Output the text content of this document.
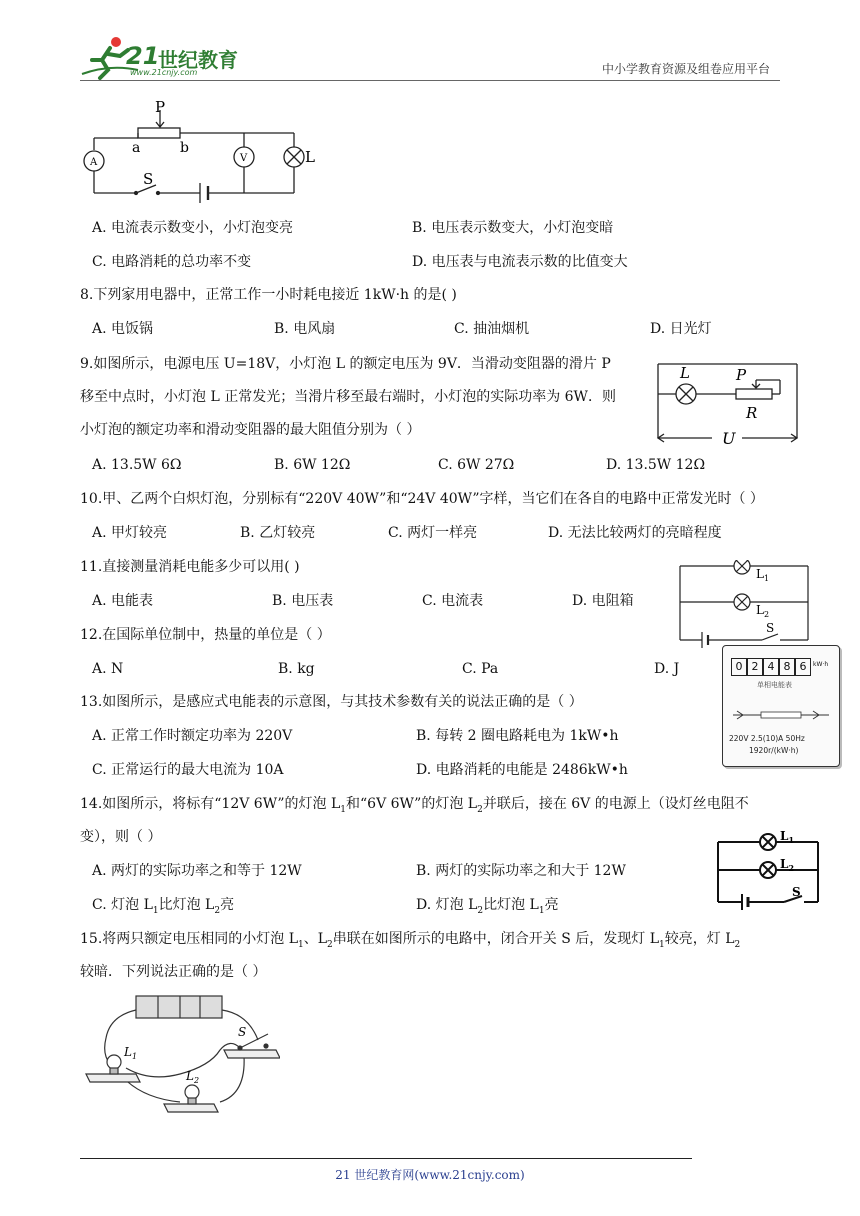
21
世纪教育
www.21cnjy.com	中小学教育资源及组卷应用平台
P
a	b
S
L
A	V
A. 电流表示数变小，小灯泡变亮	B. 电压表示数变大，小灯泡变暗
C. 电路消耗的总功率不变	D. 电压表与电流表示数的比值变大
8.下列家用电器中，正常工作一小时耗电接近 1kW·h 的是( )
A. 电饭锅	B. 电风扇	C. 抽油烟机	D. 日光灯
9.如图所示，电源电压 U=18V，小灯泡 L 的额定电压为 9V．当滑动变阻器的滑片 P
移至中点时，小灯泡 L 正常发光；当滑片移至最右端时，小灯泡的实际功率为 6W．则
小灯泡的额定功率和滑动变阻器的最大阻值分别为（ ）
L	P
R
U
A. 13.5W 6Ω	B. 6W 12Ω	C. 6W 27Ω	D. 13.5W 12Ω
10.甲、乙两个白炽灯泡，分别标有“220V 40W”和“24V 40W”字样，当它们在各自的电路中正常发光时（ ）
A. 甲灯较亮	B. 乙灯较亮	C. 两灯一样亮	D. 无法比较两灯的亮暗程度
11.直接测量消耗电能多少可以用( )
A. 电能表	B. 电压表	C. 电流表	D. 电阻箱
$L_1$
$L_2$
S
12.在国际单位制中，热量的单位是（ ）
A. N	B. kg	C. Pa	D. J	0 2 4 8 6	kW·h
单相电能表
220V 2.5(10)A 50Hz
1920r/(kW·h)
13.如图所示，是感应式电能表的示意图，与其技术参数有关的说法正确的是（ ）
A. 正常工作时额定功率为 220V	B. 每转 2 圈电路耗电为 1kW•h
C. 正常运行的最大电流为 10A	D. 电路消耗的电能是 2486kW•h
14.如图所示，将标有“12V 6W”的灯泡 $L_1$和“6V 6W”的灯泡 $L_2$并联后，接在 6V 的电源上（设灯丝电阻不
变），则（ ）
A. 两灯的实际功率之和等于 12W	B. 两灯的实际功率之和大于 12W
C. 灯泡 $L_1$比灯泡 $L_2$亮	D. 灯泡 $L_2$比灯泡 $L_1$亮
$L_1$
$L_2$
S
15.将两只额定电压相同的小灯泡 $L_1$、$L_2$串联在如图所示的电路中，闭合开关 S 后，发现灯 $L_1$较亮，灯 $L_2$
较暗．下列说法正确的是（ ）
$L_1$
$L_2$
S
21 世纪教育网(www.21cnjy.com)
